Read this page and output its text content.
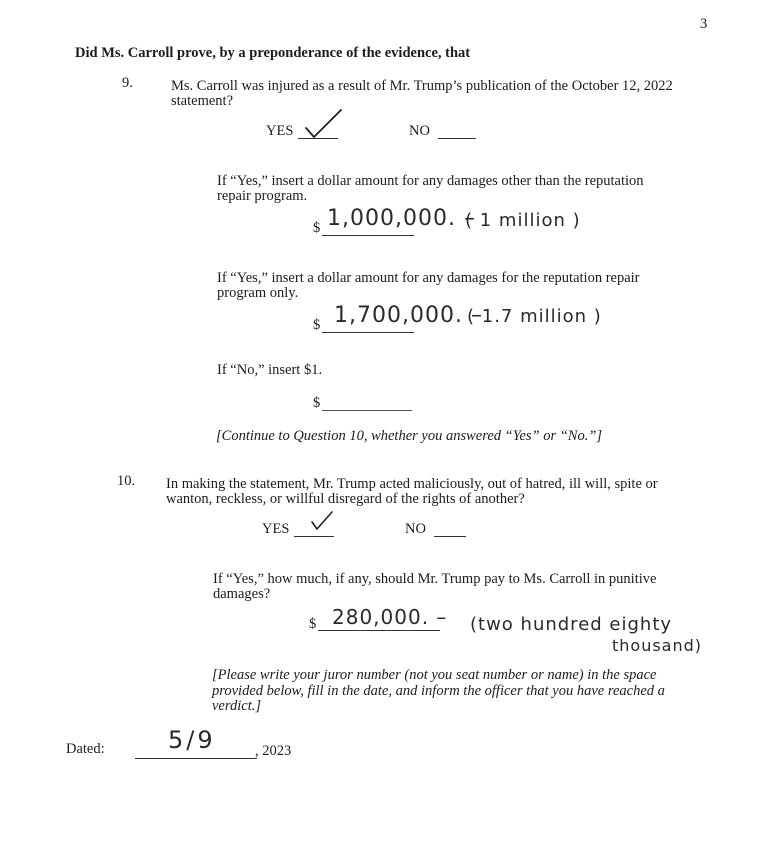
3
Did Ms. Carroll prove, by a preponderance of the evidence, that
9.	Ms. Carroll was injured as a result of Mr. Trump’s publication of the October 12, 2022
statement?
YES	NO
If “Yes,” insert a dollar amount for any damages other than the reputation
repair program.
$ 1,000,000. –
( 1 million )
If “Yes,” insert a dollar amount for any damages for the reputation repair
program only.
$ 1,700,000. –
( 1.7 million )
If “No,” insert $1.
$
[Continue to Question 10, whether you answered “Yes” or “No.”]
10. In making the statement, Mr. Trump acted maliciously, out of hatred, ill will, spite or
wanton, reckless, or willful disregard of the rights of another?
YES	NO
If “Yes,” how much, if any, should Mr. Trump pay to Ms. Carroll in punitive
damages?
$ 280,000. – (two hundred eighty
thousand)
[Please write your juror number (not you seat number or name) in the space
provided below, fill in the date, and inform the officer that you have reached a
verdict.]
Dated:	5/9	, 2023
